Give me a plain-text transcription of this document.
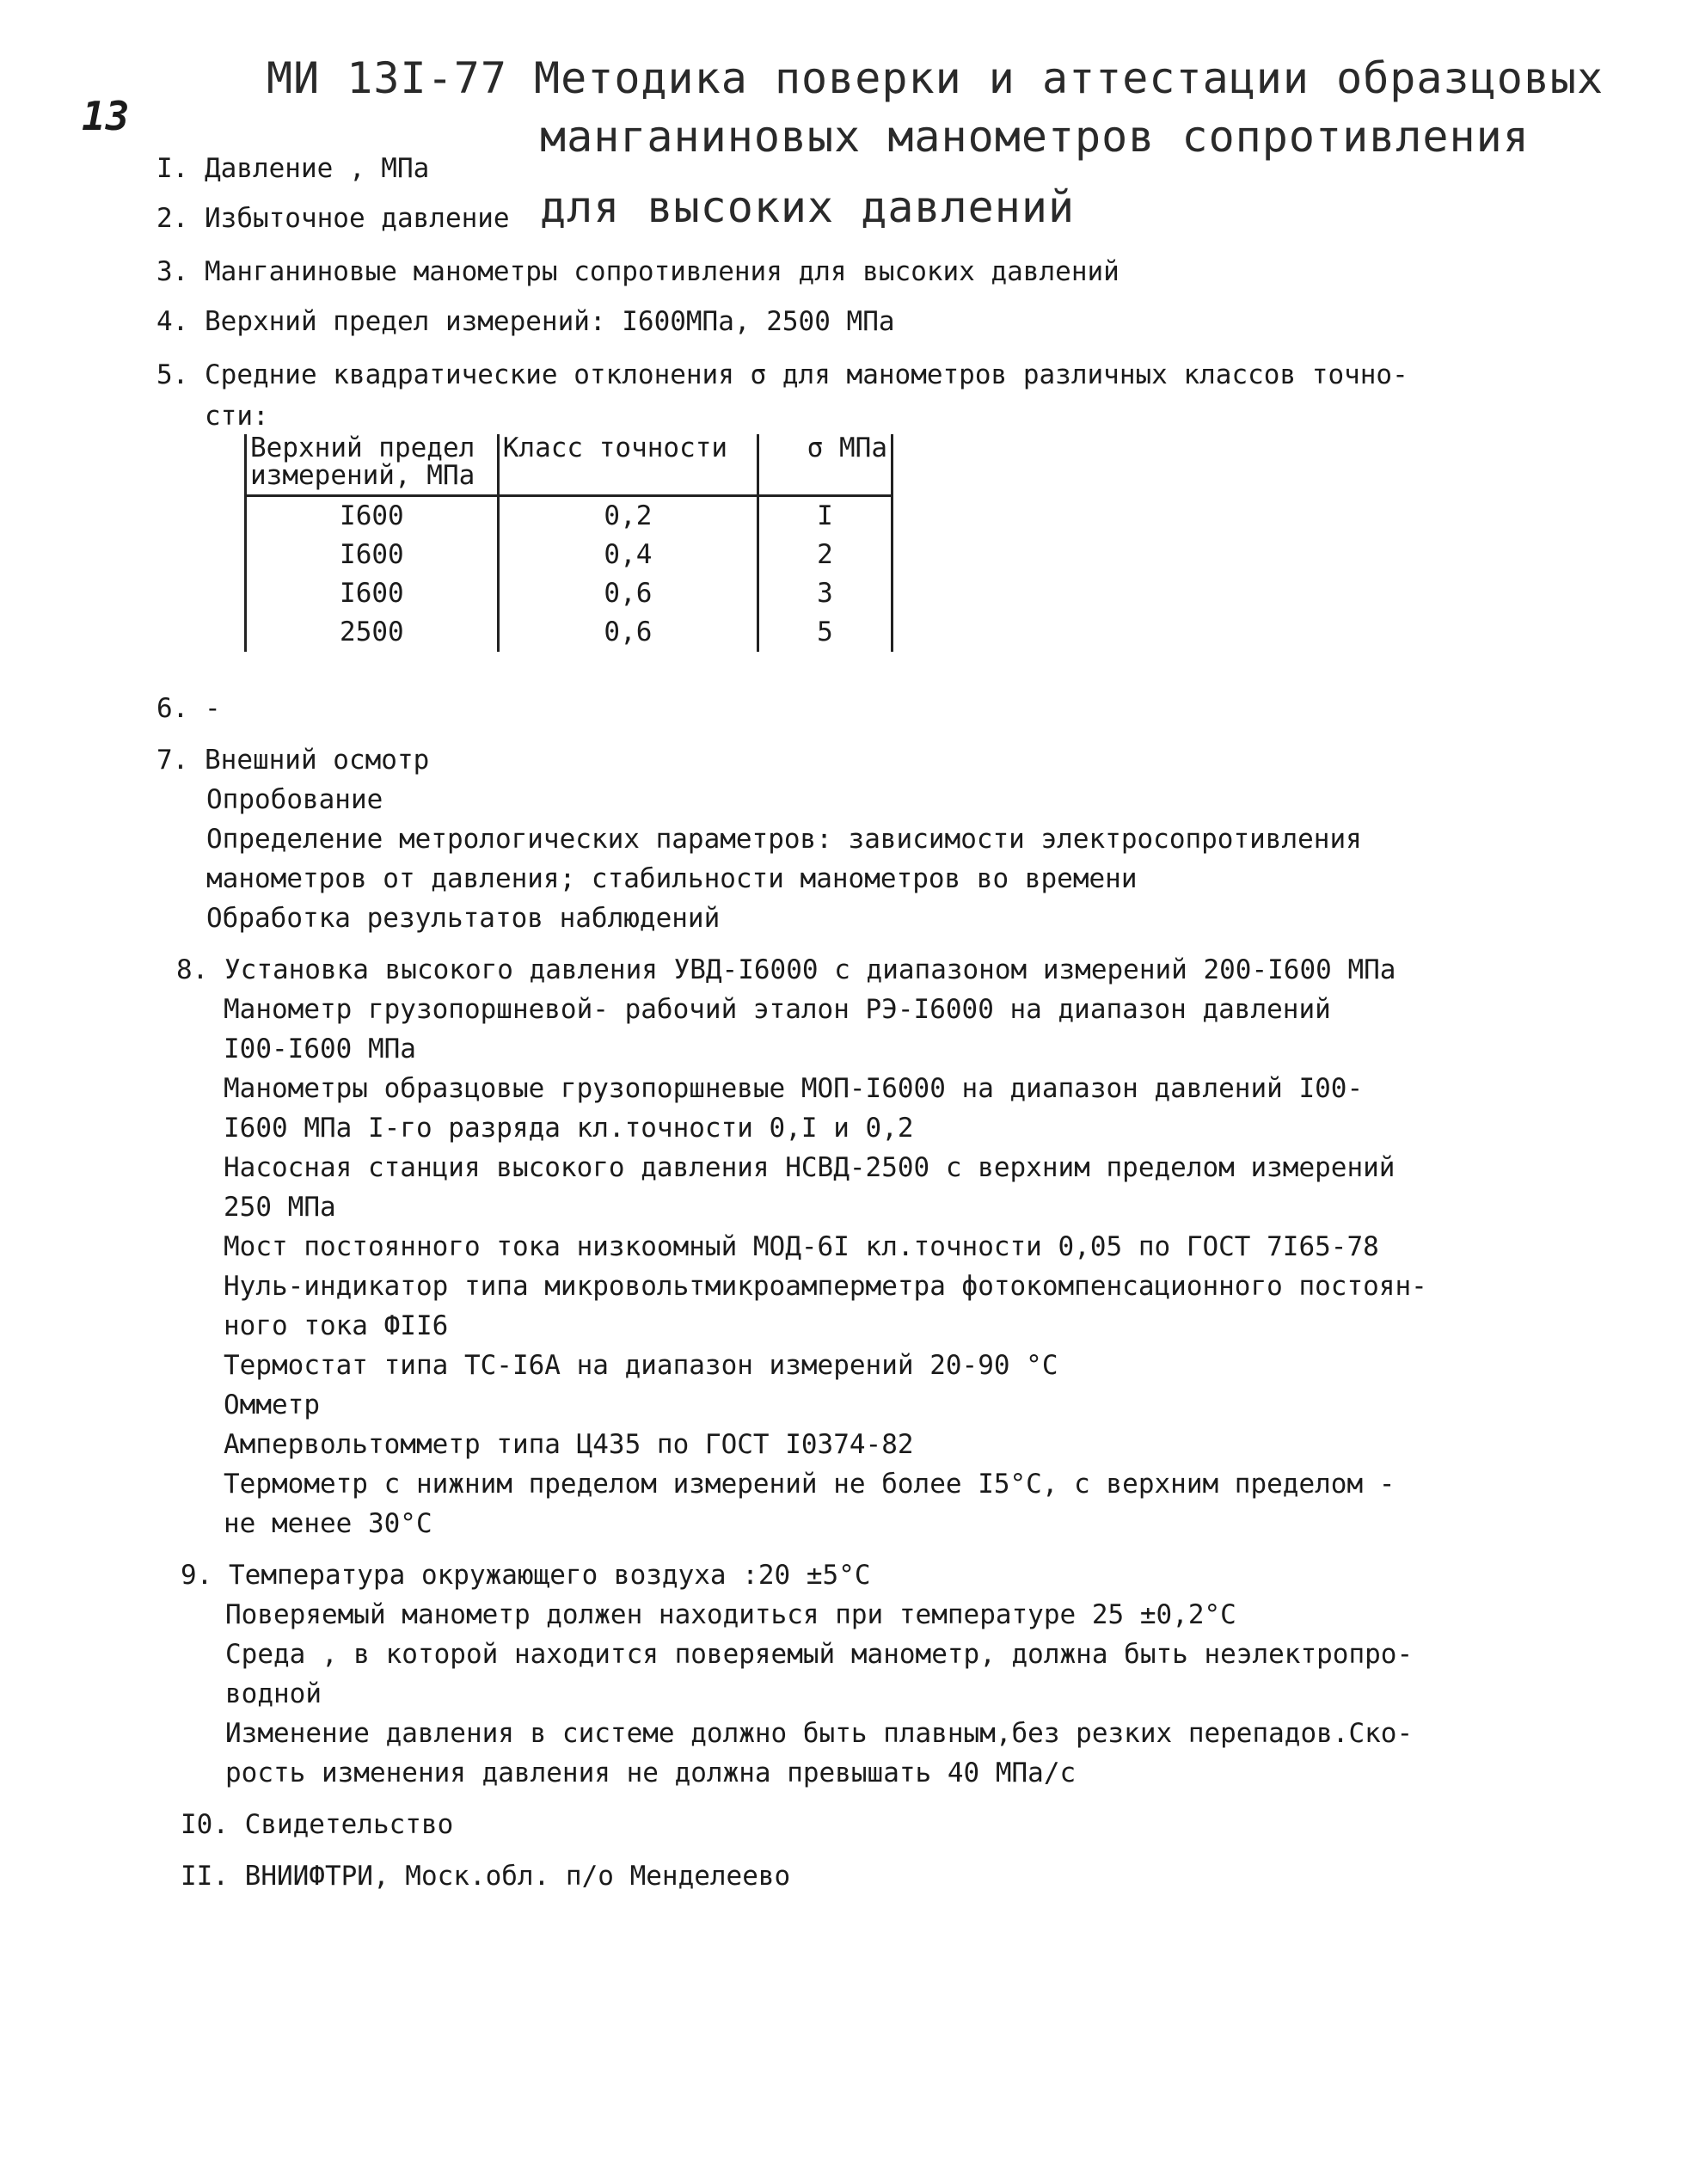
13
МИ 13I-77 Методика поверки и аттестации образцовых
манганиновых манометров сопротивления
для высоких давлений
I. Давление , МПа
2. Избыточное давление
3. Манганиновые манометры сопротивления для высоких давлений
4. Верхний предел измерений: I600МПа, 2500 МПа
5. Средние квадратические отклонения σ для манометров различных классов точно-
сти:
Верхний предел измерений, МПа	Класс точности	σ МПа
I600	0,2	I
I600	0,4	2
I600	0,6	3
2500	0,6	5
6. -
7. Внешний осмотр
Опробование
Определение метрологических параметров: зависимости электросопротивления
манометров от давления; стабильности манометров во времени
Обработка результатов наблюдений
8. Установка высокого давления УВД-I6000 с диапазоном измерений 200-I600 МПа
Манометр грузопоршневой- рабочий эталон РЭ-I6000 на диапазон давлений
I00-I600 МПа
Манометры образцовые грузопоршневые МОП-I6000 на диапазон давлений I00-
I600 МПа I-го разряда кл.точности 0,I и 0,2
Насосная станция высокого давления НСВД-2500 с верхним пределом измерений
250 МПа
Мост постоянного тока низкоомный МОД-6I кл.точности 0,05 по ГОСТ 7I65-78
Нуль-индикатор типа микровольтмикроамперметра фотокомпенсационного постоян-
ного тока ФII6
Термостат типа ТС-I6А на диапазон измерений 20-90 °С
Омметр
Ампервольтомметр типа Ц435 по ГОСТ I0374-82
Термометр с нижним пределом измерений не более I5°С, с верхним пределом -
не менее 30°С
9. Температура окружающего воздуха :20 ±5°С
Поверяемый манометр должен находиться при температуре 25 ±0,2°С
Среда , в которой находится поверяемый манометр, должна быть неэлектропро-
водной
Изменение давления в системе должно быть плавным,без резких перепадов.Ско-
рость изменения давления не должна превышать 40 МПа/с
I0. Свидетельство
II. ВНИИФТРИ, Моск.обл. п/о Менделеево
